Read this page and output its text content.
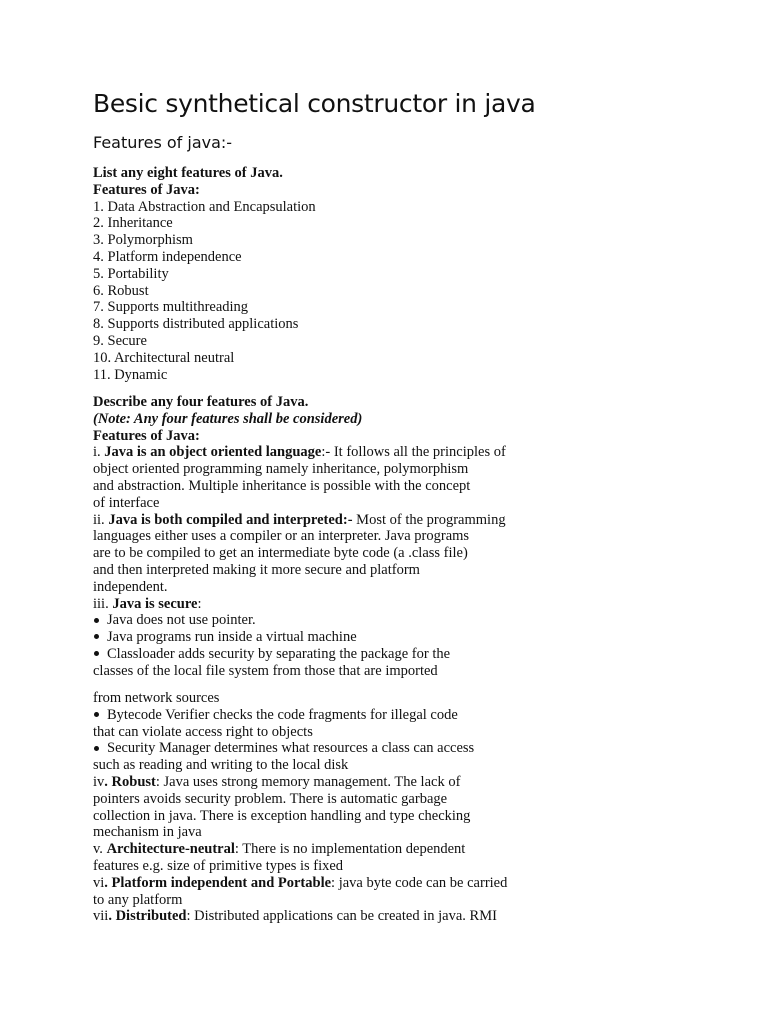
Besic synthetical constructor in java
Features of java:-
List any eight features of Java.
Features of Java:
1. Data Abstraction and Encapsulation
2. Inheritance
3. Polymorphism
4. Platform independence
5. Portability
6. Robust
7. Supports multithreading
8. Supports distributed applications
9. Secure
10. Architectural neutral
11. Dynamic
Describe any four features of Java.
(Note: Any four features shall be considered)
Features of Java:
i. Java is an object oriented language:- It follows all the principles of
object oriented programming namely inheritance, polymorphism
and abstraction. Multiple inheritance is possible with the concept
of interface
ii. Java is both compiled and interpreted:- Most of the programming
languages either uses a compiler or an interpreter. Java programs
are to be compiled to get an intermediate byte code (a .class file)
and then interpreted making it more secure and platform
independent.
iii. Java is secure:
Java does not use pointer.
Java programs run inside a virtual machine
Classloader adds security by separating the package for the
classes of the local file system from those that are imported
from network sources
Bytecode Verifier checks the code fragments for illegal code
that can violate access right to objects
Security Manager determines what resources a class can access
such as reading and writing to the local disk
iv. Robust: Java uses strong memory management. The lack of
pointers avoids security problem. There is automatic garbage
collection in java. There is exception handling and type checking
mechanism in java
v. Architecture-neutral: There is no implementation dependent
features e.g. size of primitive types is fixed
vi. Platform independent and Portable: java byte code can be carried
to any platform
vii. Distributed: Distributed applications can be created in java. RMI
